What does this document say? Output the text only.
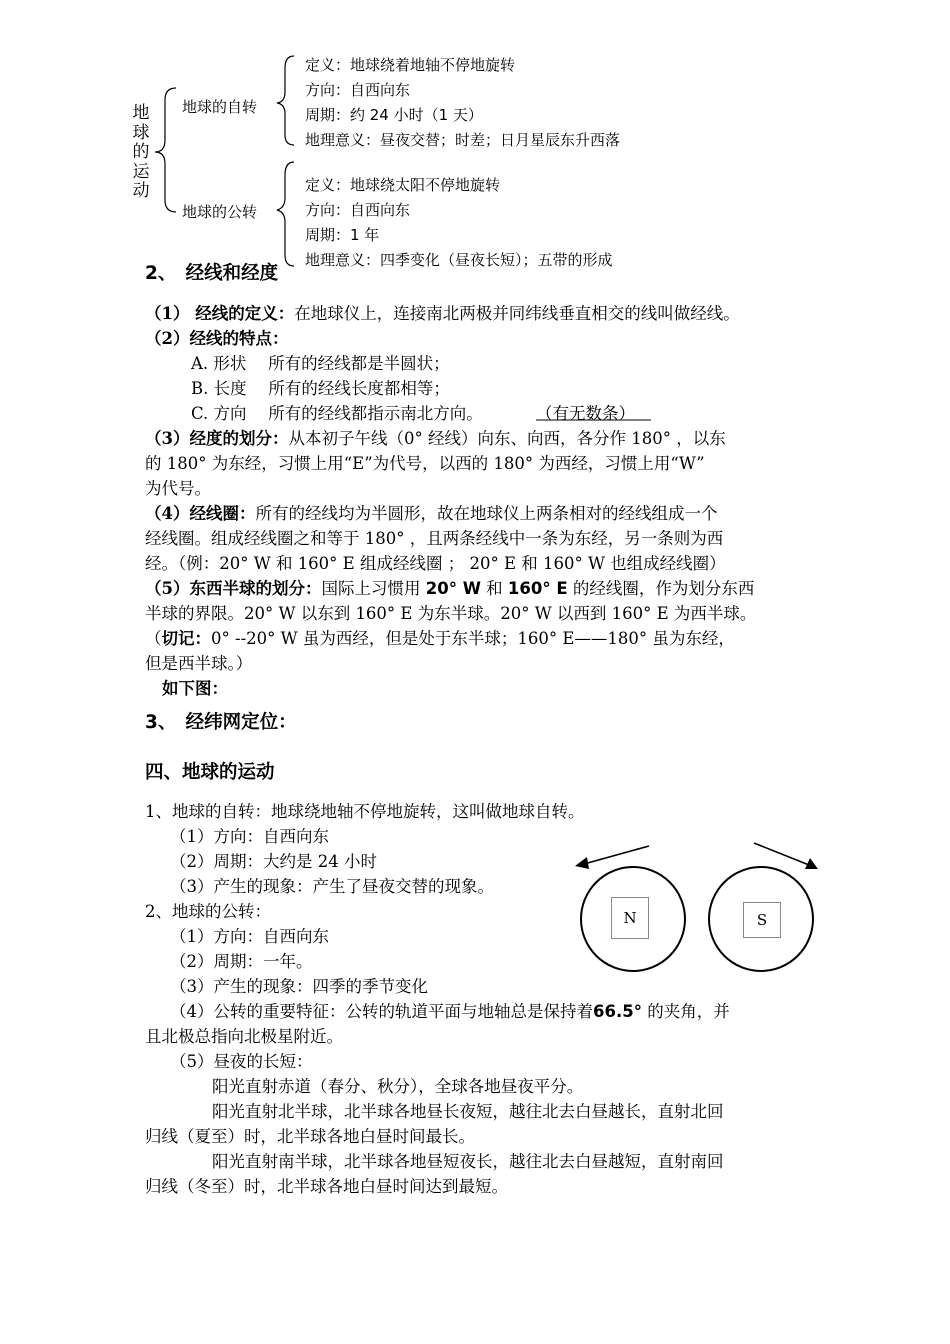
地球的运动
地球的自转
定义：地球绕着地轴不停地旋转
方向：自西向东
周期：约 24 小时（1 天）
地理意义：昼夜交替；时差；日月星辰东升西落
地球的公转
定义：地球绕太阳不停地旋转
方向：自西向东
周期：1 年
地理意义：四季变化（昼夜长短）；五带的形成
2、　经线和经度
（1） 经线的定义：在地球仪上，连接南北两极并同纬线垂直相交的线叫做经线。
（2）经线的特点：
A. 形状　 所有的经线都是半圆状；
B. 长度　 所有的经线长度都相等；
C. 方向　 所有的经线都指示南北方向。	（有无数条）
（3）经度的划分：从本初子午线（0° 经线）向东、向西，各分作 180° ，以东
的 180° 为东经，习惯上用“E”为代号，以西的 180° 为西经，习惯上用“W”
为代号。
（4）经线圈：所有的经线均为半圆形，故在地球仪上两条相对的经线组成一个
经线圈。组成经线圈之和等于 180° ，且两条经线中一条为东经，另一条则为西
经。（例：20° W 和 160° E 组成经线圈 ； 20° E 和 160° W 也组成经线圈）
（5）东西半球的划分：国际上习惯用 20° W 和 160° E 的经线圈，作为划分东西
半球的界限。20° W 以东到 160° E 为东半球。20° W 以西到 160° E 为西半球。
（切记：0° --20° W 虽为西经，但是处于东半球；160° E——180° 虽为东经，
但是西半球。）
如下图：
3、　经纬网定位：
四、地球的运动
1、地球的自转：地球绕地轴不停地旋转，这叫做地球自转。
（1）方向：自西向东
（2）周期：大约是 24 小时
（3）产生的现象：产生了昼夜交替的现象。
2、地球的公转：
（1）方向：自西向东
（2）周期：一年。
（3）产生的现象：四季的季节变化
（4）公转的重要特征：公转的轨道平面与地轴总是保持着66.5° 的夹角，并
且北极总指向北极星附近。
（5）昼夜的长短：
阳光直射赤道（春分、秋分），全球各地昼夜平分。
阳光直射北半球，北半球各地昼长夜短，越往北去白昼越长，直射北回
归线（夏至）时，北半球各地白昼时间最长。
阳光直射南半球，北半球各地昼短夜长，越往北去白昼越短，直射南回
归线（冬至）时，北半球各地白昼时间达到最短。
N	S
